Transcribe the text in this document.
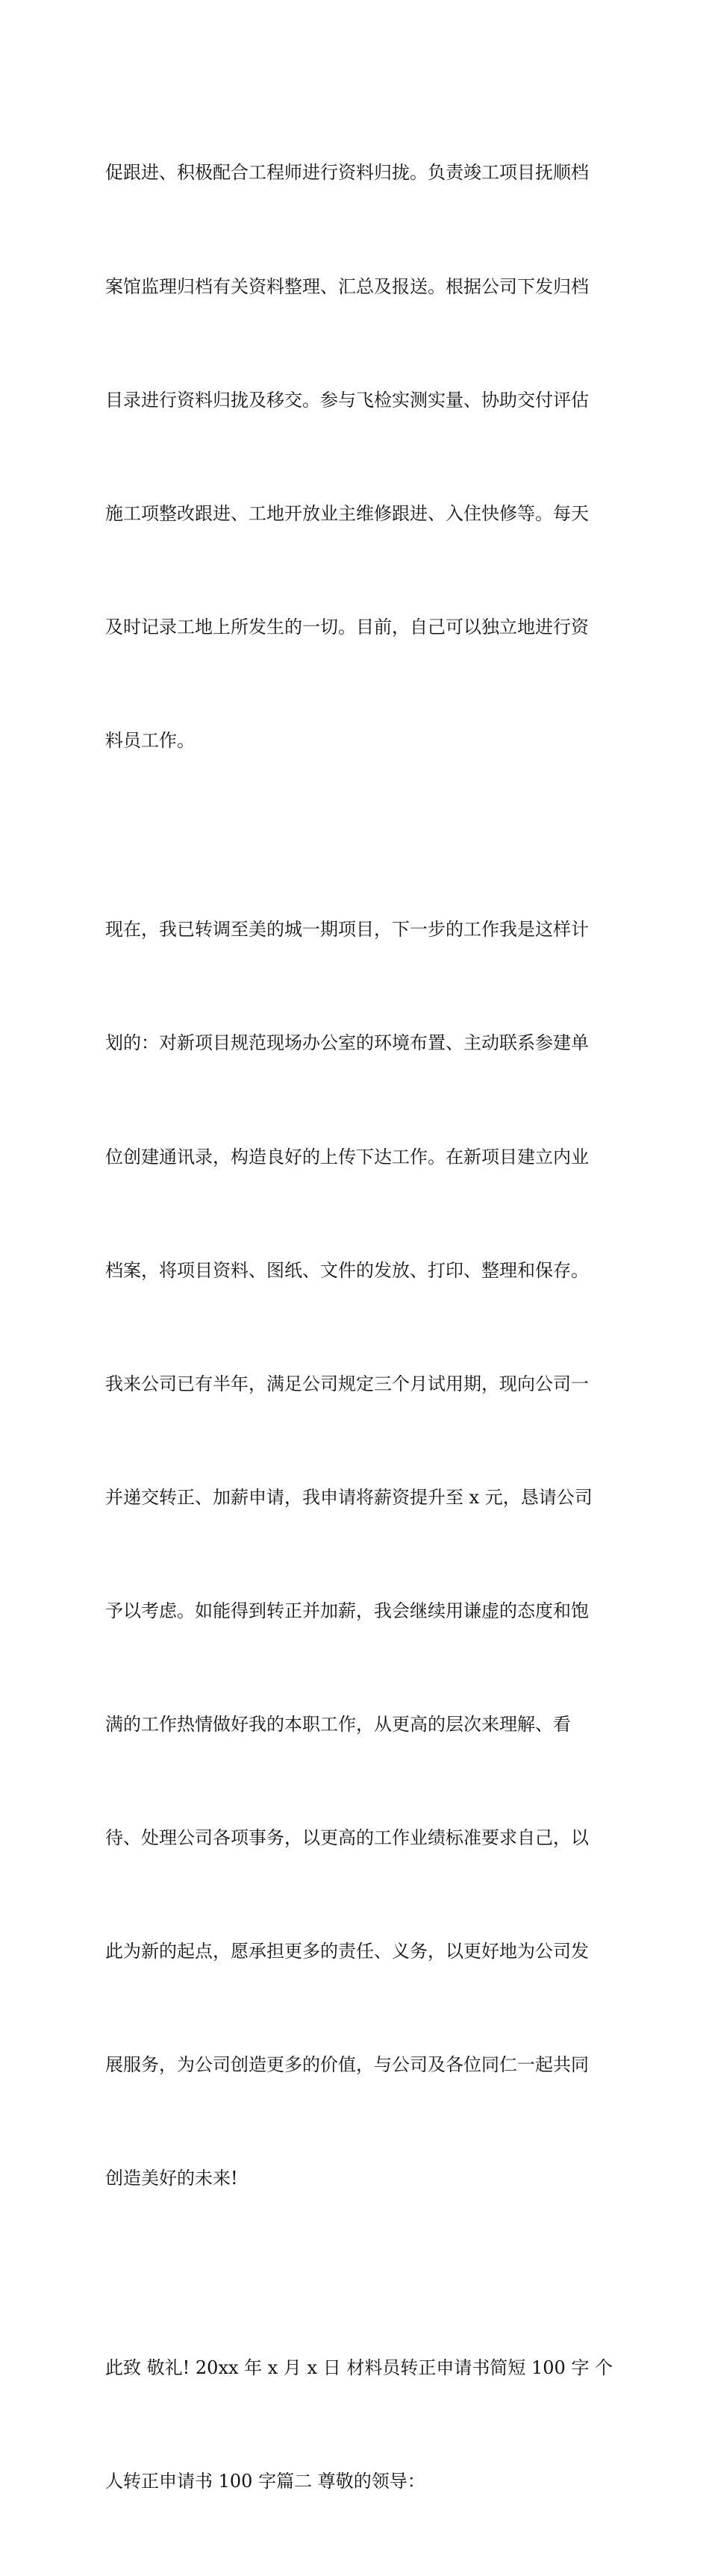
促跟进、积极配合工程师进行资料归拢。负责竣工项目抚顺档

案馆监理归档有关资料整理、汇总及报送。根据公司下发归档

目录进行资料归拢及移交。参与飞检实测实量、协助交付评估

施工项整改跟进、工地开放业主维修跟进、入住快修等。每天

及时记录工地上所发生的一切。目前，自己可以独立地进行资

料员工作。

现在，我已转调至美的城一期项目，下一步的工作我是这样计

划的：对新项目规范现场办公室的环境布置、主动联系参建单

位创建通讯录，构造良好的上传下达工作。在新项目建立内业

档案，将项目资料、图纸、文件的发放、打印、整理和保存。

我来公司已有半年，满足公司规定三个月试用期，现向公司一

并递交转正、加薪申请，我申请将薪资提升至 x 元，恳请公司

予以考虑。如能得到转正并加薪，我会继续用谦虚的态度和饱

满的工作热情做好我的本职工作，从更高的层次来理解、看

待、处理公司各项事务，以更高的工作业绩标准要求自己，以

此为新的起点，愿承担更多的责任、义务，以更好地为公司发

展服务，为公司创造更多的价值，与公司及各位同仁一起共同

创造美好的未来!

此致 敬礼! 20xx 年 x 月 x 日 材料员转正申请书简短 100 字 个

人转正申请书 100 字篇二 尊敬的领导：
